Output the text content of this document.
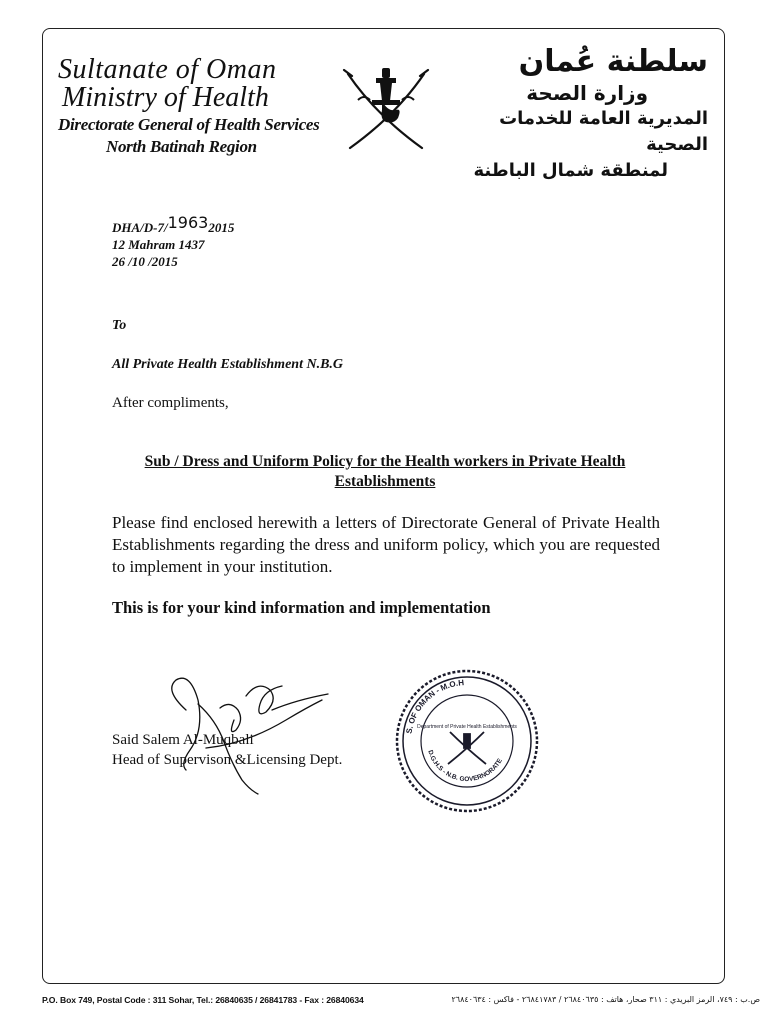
Sultanate of Oman
Ministry of Health
Directorate General of Health Services
North Batinah Region
سلطنة عُمان
وزارة الصحة
المديرية العامة للخدمات الصحية
لمنطقة شمال الباطنة
DHA/D-7/19632015
12 Mahram 1437
26 /10 /2015
To
All Private Health Establishment N.B.G
After compliments,
Sub / Dress and Uniform Policy for the Health workers in Private Health Establishments
Please find enclosed herewith a letters of Directorate General of Private Health Establishments regarding the dress and uniform policy, which you are requested to implement in your institution.
This is for your kind information and implementation
Said Salem Al-Muqbali
Head of Supervison &Licensing Dept.
S. OF OMAN - M.O.H
D.G.H.S - N.B. GOVERNORATE
Department of Private Health Establishments
P.O. Box 749, Postal Code : 311 Sohar, Tel.: 26840635 / 26841783 - Fax : 26840634	ص.ب : ٧٤٩، الرمز البريدي : ٣١١ صحار، هاتف : ٢٦٨٤٠٦٣٥ / ٢٦٨٤١٧٨٣ - فاكس : ٢٦٨٤٠٦٣٤
